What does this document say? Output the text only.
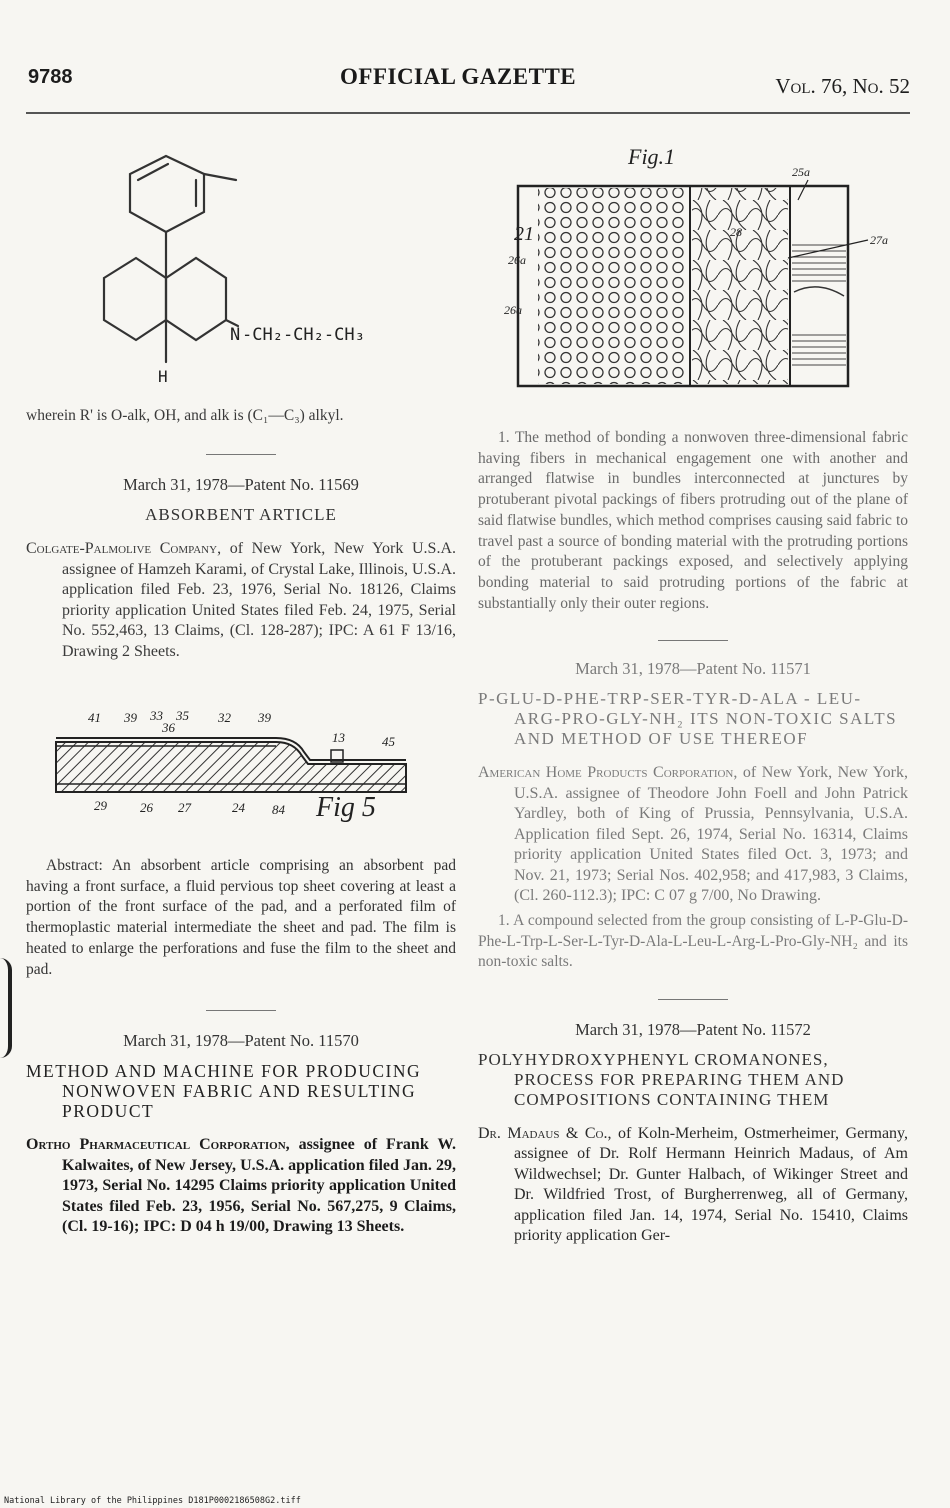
9788	OFFICIAL GAZETTE	Vol. 76, No. 52
N -CH₂-CH₂-CH₃
H
wherein R' is O-alk, OH, and alk is (C₁—C₃) alkyl.
March 31, 1978—Patent No. 11569
ABSORBENT ARTICLE
Colgate-Palmolive Company, of New York, New York U.S.A. assignee of Hamzeh Karami, of Crystal Lake, Illinois, U.S.A. application filed Feb. 23, 1976, Serial No. 18126, Claims priority application United States filed Feb. 24, 1975, Serial No. 552,463, 13 Claims, (Cl. 128-287); IPC: A 61 F 13/16, Drawing 2 Sheets.
41 39 33 35
36
32 39
45
29	26 27	24 84
13
Fig 5
Abstract: An absorbent article comprising an absorbent pad having a front surface, a fluid pervious top sheet covering at least a portion of the front surface of the pad, and a perforated film of thermoplastic material intermediate the sheet and pad. The film is heated to enlarge the perforations and fuse the film to the sheet and pad.
March 31, 1978—Patent No. 11570
METHOD AND MACHINE FOR PRODUCING NONWOVEN FABRIC AND RESULTING PRODUCT
Ortho Pharmaceutical Corporation, assignee of Frank W. Kalwaites, of New Jersey, U.S.A. application filed Jan. 29, 1973, Serial No. 14295 Claims priority application United States filed Feb. 23, 1956, Serial No. 567,275, 9 Claims, (Cl. 19-16); IPC: D 04 h 19/00, Drawing 13 Sheets.
Fig.1
25a
27a
21
26a
26a
28
1. The method of bonding a nonwoven three-dimensional fabric having fibers in mechanical engagement one with another and arranged flatwise in bundles interconnected at junctures by protuberant pivotal packings of fibers protruding out of the plane of said flatwise bundles, which method comprises causing said fabric to travel past a source of bonding material with the protruding portions of the protuberant packings exposed, and selectively applying bonding material to said protruding portions of the fabric at substantially only their outer regions.
March 31, 1978—Patent No. 11571
P-GLU-D-PHE-TRP-SER-TYR-D-ALA - LEU-ARG-PRO-GLY-NH₂ ITS NON-TOXIC SALTS AND METHOD OF USE THEREOF
American Home Products Corporation, of New York, New York, U.S.A. assignee of Theodore John Foell and John Patrick Yardley, both of King of Prussia, Pennsylvania, U.S.A. Application filed Sept. 26, 1974, Serial No. 16314, Claims priority application United States filed Oct. 3, 1973; and Nov. 21, 1973; Serial Nos. 402,958; and 417,983, 3 Claims, (Cl. 260-112.3); IPC: C 07 g 7/00, No Drawing.
1. A compound selected from the group consisting of L-P-Glu-D-Phe-L-Trp-L-Ser-L-Tyr-D-Ala-L-Leu-L-Arg-L-Pro-Gly-NH₂ and its non-toxic salts.
March 31, 1978—Patent No. 11572
POLYHYDROXYPHENYL CROMANONES, PROCESS FOR PREPARING THEM AND COMPOSITIONS CONTAINING THEM
Dr. Madaus & Co., of Koln-Merheim, Ostmerheimer, Germany, assignee of Dr. Rolf Hermann Heinrich Madaus, of Am Wildwechsel; Dr. Gunter Halbach, of Wikinger Street and Dr. Wildfried Trost, of Burgherrenweg, all of Germany, application filed Jan. 14, 1974, Serial No. 15410, Claims priority application Ger-
National Library of the Philippines D181P0002186508G2.tiff
